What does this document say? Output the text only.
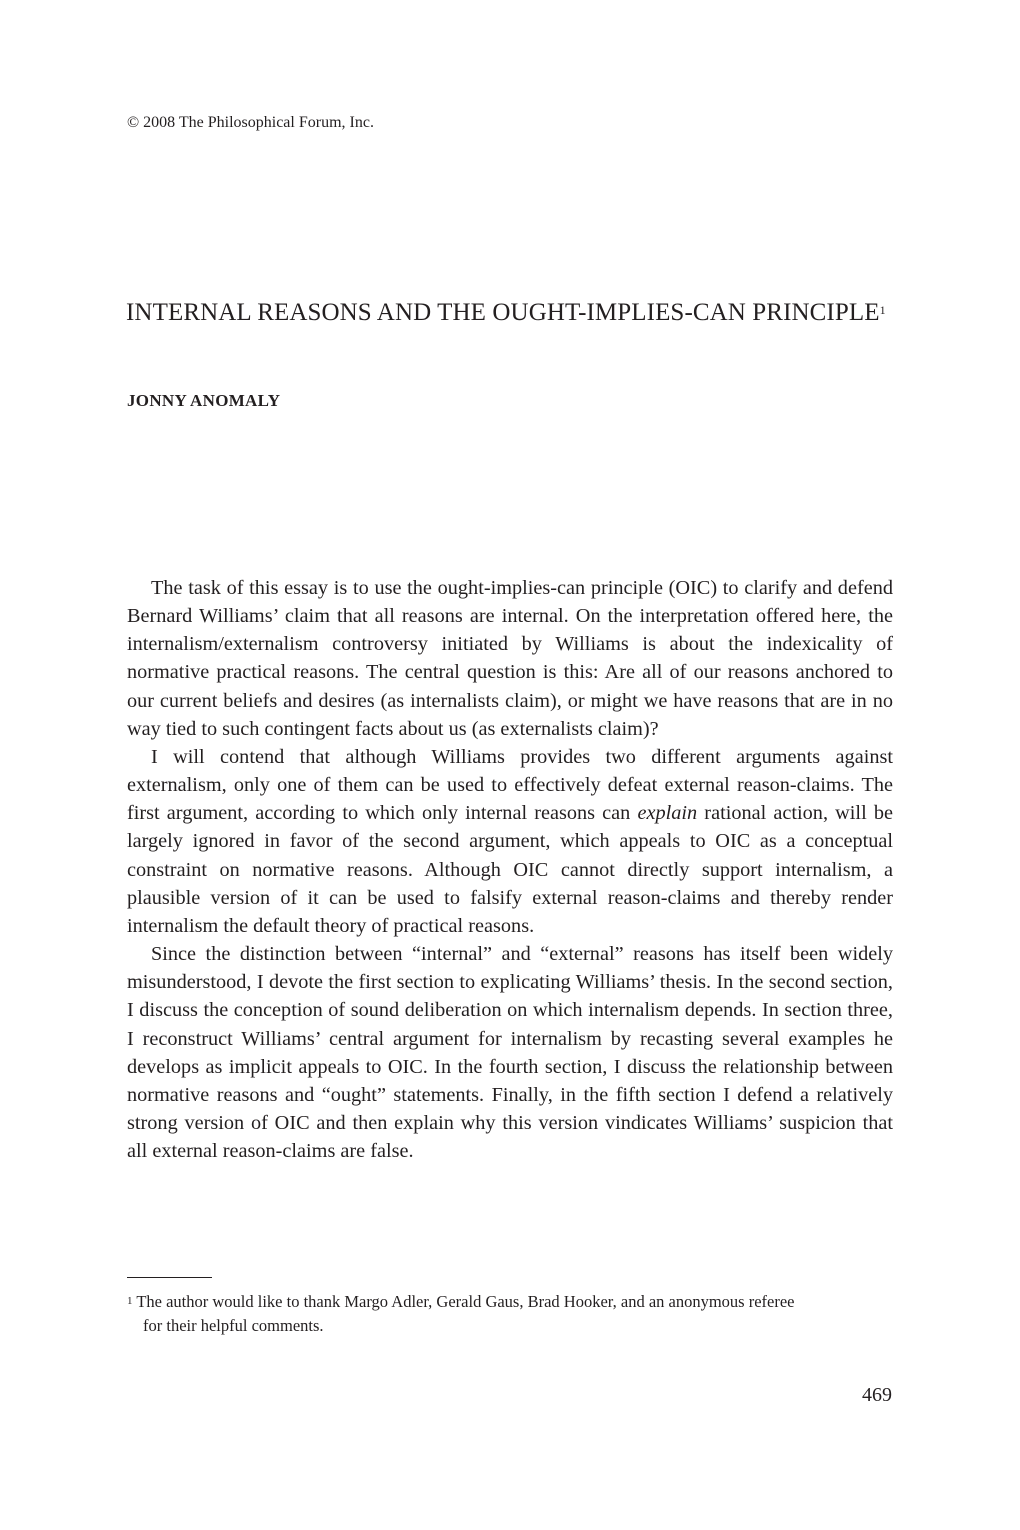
© 2008 The Philosophical Forum, Inc.
INTERNAL REASONS AND THE OUGHT-IMPLIES-CAN PRINCIPLE$^1$
JONNY ANOMALY

The task of this essay is to use the ought-implies-can principle (OIC) to clarify and defend Bernard Williams’ claim that all reasons are internal. On the interpretation offered here, the internalism/externalism controversy initiated by Williams is about the indexicality of normative practical reasons. The central question is this: Are all of our reasons anchored to our current beliefs and desires (as internalists claim), or might we have reasons that are in no way tied to such contingent facts about us (as externalists claim)?

I will contend that although Williams provides two different arguments against externalism, only one of them can be used to effectively defeat external reason-claims. The first argument, according to which only internal reasons can explain rational action, will be largely ignored in favor of the second argument, which appeals to OIC as a conceptual constraint on normative reasons. Although OIC cannot directly support internalism, a plausible version of it can be used to falsify external reason-claims and thereby render internalism the default theory of practical reasons.

Since the distinction between “internal” and “external” reasons has itself been widely misunderstood, I devote the first section to explicating Williams’ thesis. In the second section, I discuss the conception of sound deliberation on which internalism depends. In section three, I reconstruct Williams’ central argument for internalism by recasting several examples he develops as implicit appeals to OIC. In the fourth section, I discuss the relationship between normative reasons and “ought” statements. Finally, in the fifth section I defend a relatively strong version of OIC and then explain why this version vindicates Williams’ suspicion that all external reason-claims are false.

$^1$ The author would like to thank Margo Adler, Gerald Gaus, Brad Hooker, and an anonymous referee
for their helpful comments.
469
